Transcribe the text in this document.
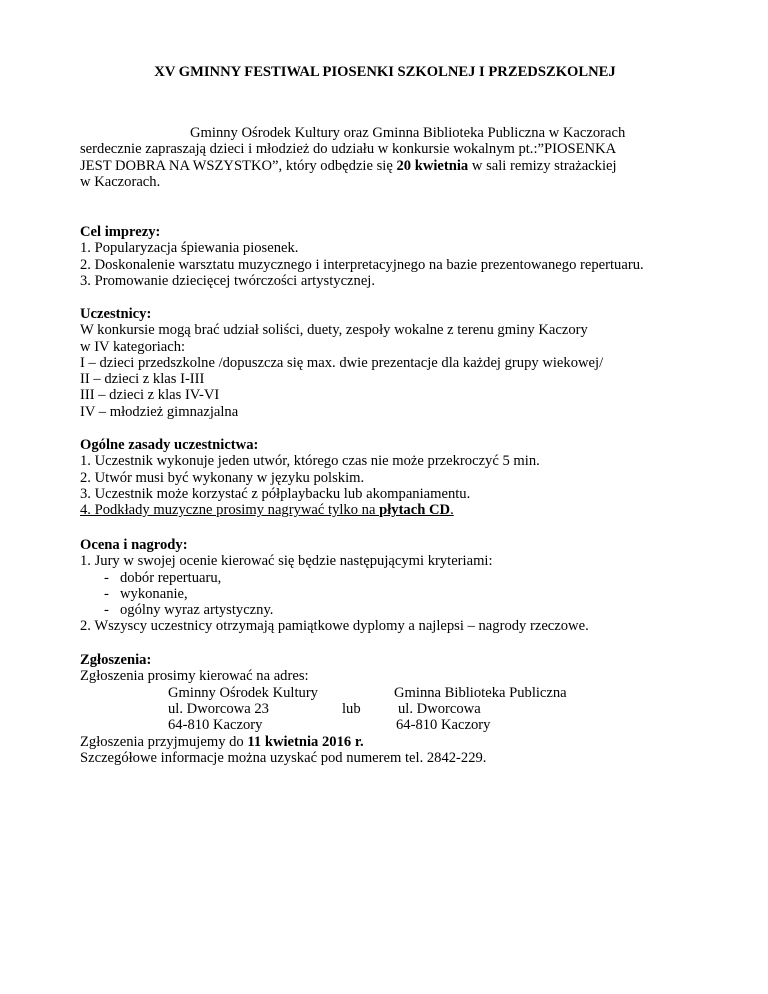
XV GMINNY FESTIWAL PIOSENKI SZKOLNEJ I PRZEDSZKOLNEJ
Gminny Ośrodek Kultury oraz Gminna Biblioteka Publiczna w Kaczorach
serdecznie zapraszają dzieci i młodzież do udziału w konkursie wokalnym pt.:”PIOSENKA
JEST DOBRA NA WSZYSTKO”, który odbędzie się 20 kwietnia w sali remizy strażackiej
w Kaczorach.
Cel imprezy:
1. Popularyzacja śpiewania piosenek.
2. Doskonalenie warsztatu muzycznego i interpretacyjnego na bazie prezentowanego repertuaru.
3. Promowanie dziecięcej twórczości artystycznej.
Uczestnicy:
W konkursie mogą brać udział soliści, duety, zespoły wokalne z terenu gminy Kaczory
w IV kategoriach:
I – dzieci przedszkolne /dopuszcza się max. dwie prezentacje dla każdej grupy wiekowej/
II – dzieci z klas I-III
III – dzieci z klas IV-VI
IV – młodzież gimnazjalna
Ogólne zasady uczestnictwa:
1. Uczestnik wykonuje jeden utwór, którego czas nie może przekroczyć 5 min.
2. Utwór musi być wykonany w języku polskim.
3. Uczestnik może korzystać z półplaybacku lub akompaniamentu.
4. Podkłady muzyczne prosimy nagrywać tylko na płytach CD.
Ocena i nagrody:
1. Jury w swojej ocenie kierować się będzie następującymi kryteriami:
- dobór repertuaru,
- wykonanie,
- ogólny wyraz artystyczny.
2. Wszyscy uczestnicy otrzymają pamiątkowe dyplomy a najlepsi – nagrody rzeczowe.
Zgłoszenia:
Zgłoszenia prosimy kierować na adres:
Gminny Ośrodek Kultury
ul. Dworcowa 23
64-810 Kaczory
lub
Gminna Biblioteka Publiczna
ul. Dworcowa
64-810 Kaczory
Zgłoszenia przyjmujemy do 11 kwietnia 2016 r.
Szczegółowe informacje można uzyskać pod numerem tel. 2842-229.
